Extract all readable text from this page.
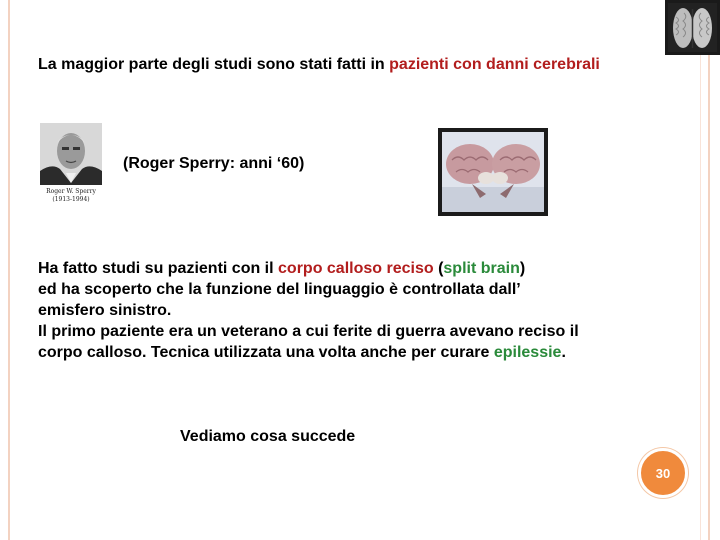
La maggior parte degli studi sono stati fatti in pazienti con danni cerebrali
Roger W. Sperry
(1913-1994)
(Roger Sperry: anni ‘60)

Ha fatto studi su pazienti con il corpo calloso reciso (split brain)

ed ha scoperto che la funzione del linguaggio è controllata dall’

emisfero sinistro.

Il primo paziente era un veterano a cui ferite di guerra avevano reciso il

corpo calloso. Tecnica utilizzata una volta anche per curare epilessie.

Vediamo cosa succede
30
